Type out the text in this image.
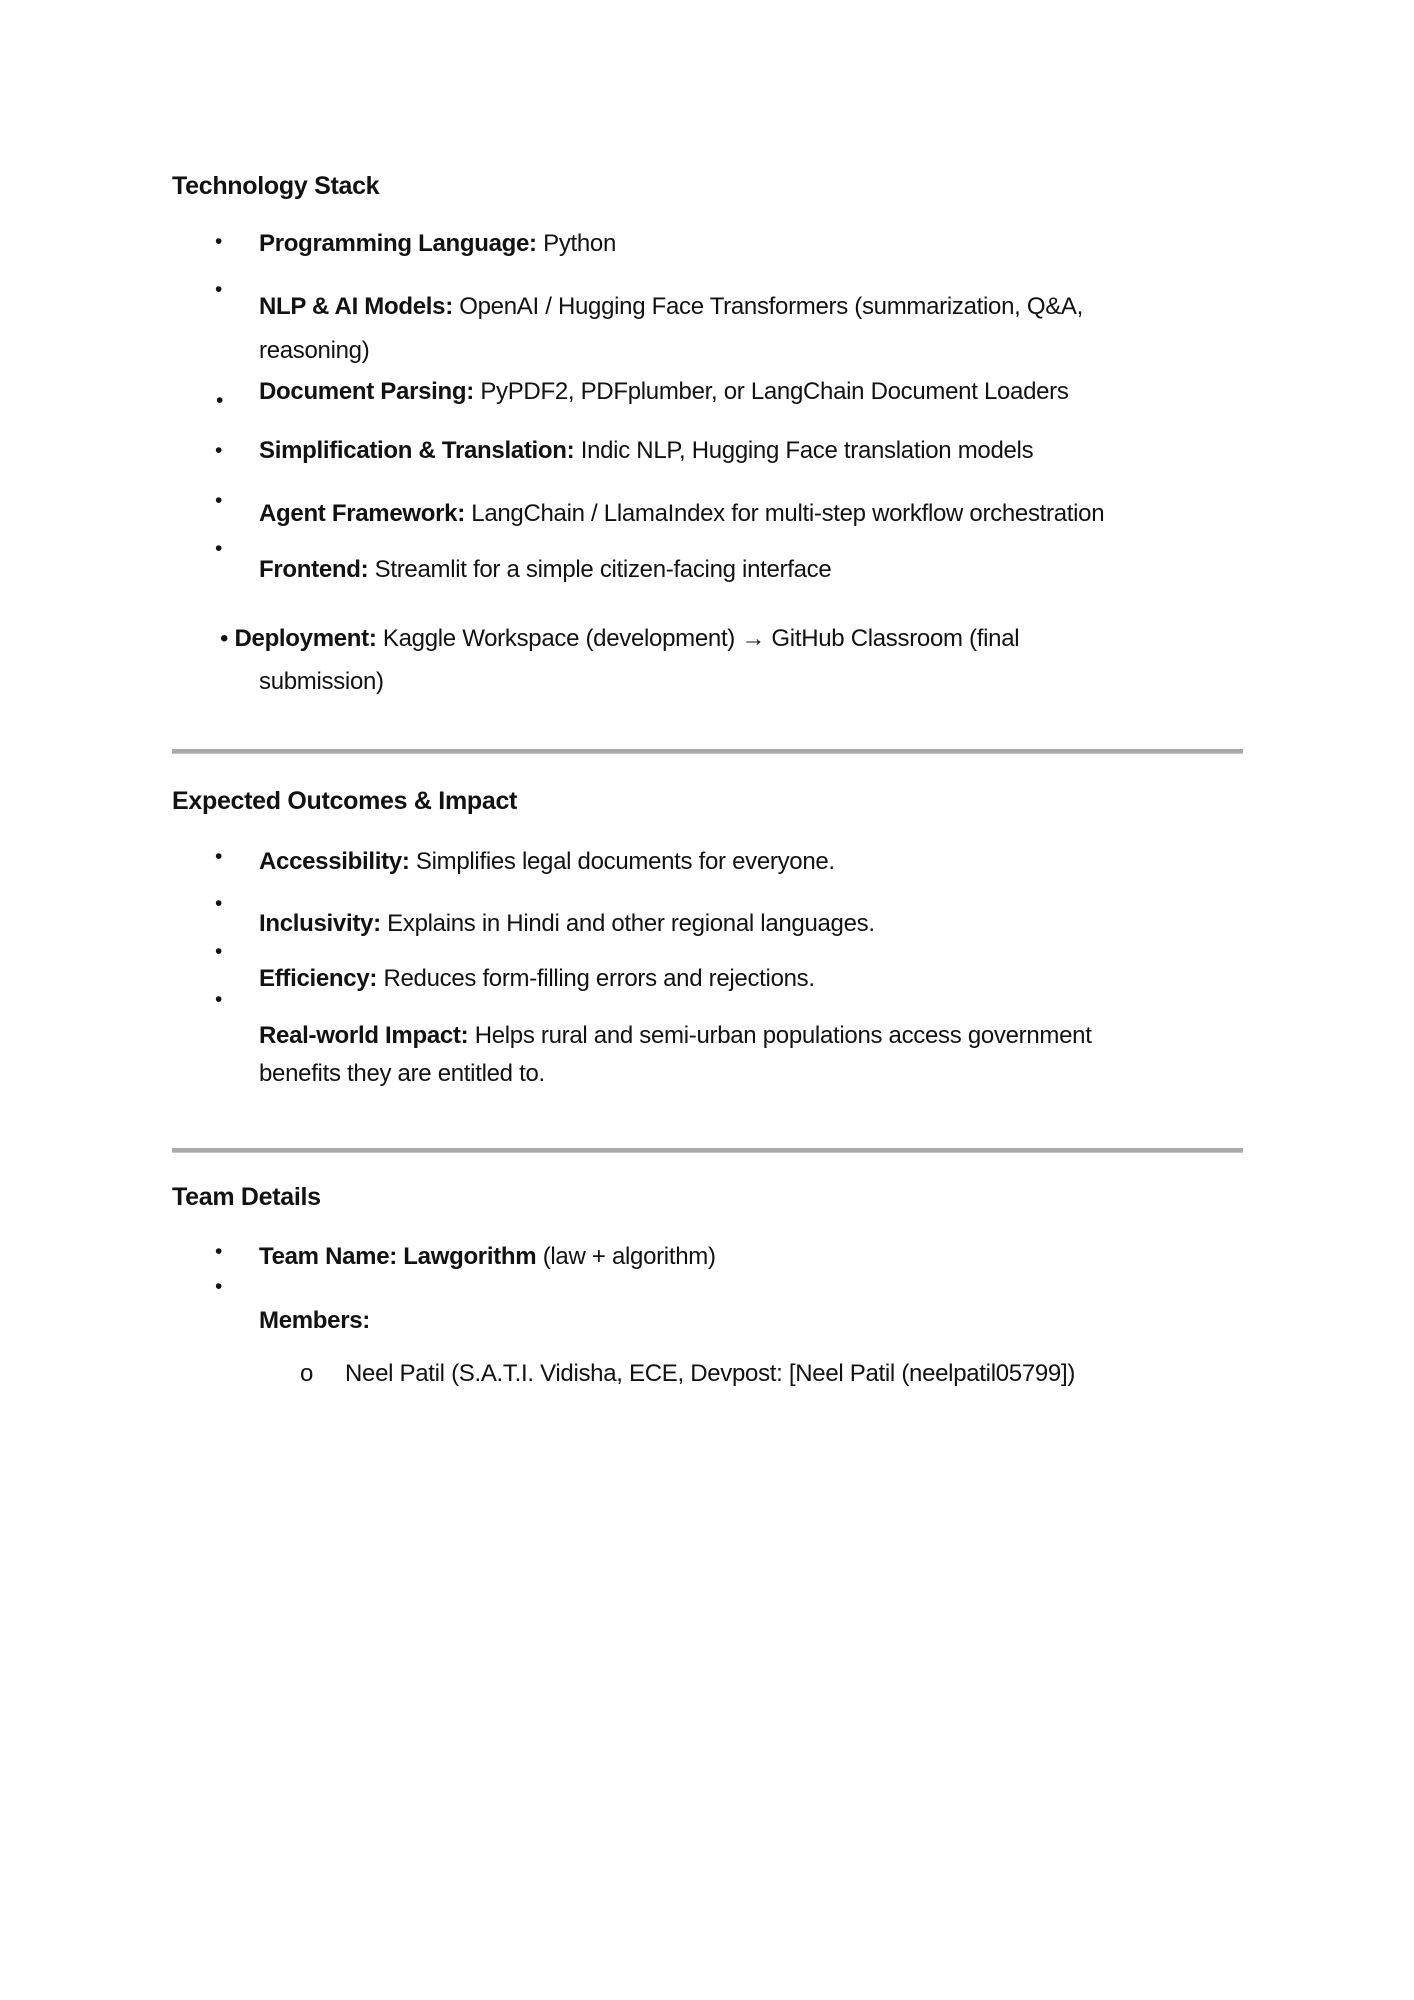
Technology Stack
•	Programming Language: Python
•
NLP & AI Models: OpenAI / Hugging Face Transformers (summarization, Q&A,
reasoning)
•	Document Parsing: PyPDF2, PDFplumber, or LangChain Document Loaders
•	Simplification & Translation: Indic NLP, Hugging Face translation models
•	Agent Framework: LangChain / LlamaIndex for multi-step workflow orchestration
•
Frontend: Streamlit for a simple citizen-facing interface
• Deployment: Kaggle Workspace (development) → GitHub Classroom (final
submission)
Expected Outcomes & Impact
•	Accessibility: Simplifies legal documents for everyone.
•
Inclusivity: Explains in Hindi and other regional languages.
•
Efficiency: Reduces form-filling errors and rejections.
•
Real-world Impact: Helps rural and semi-urban populations access government
benefits they are entitled to.
Team Details
•	Team Name: Lawgorithm (law + algorithm)
•
Members:
o Neel Patil (S.A.T.I. Vidisha, ECE, Devpost: [Neel Patil (neelpatil05799])
